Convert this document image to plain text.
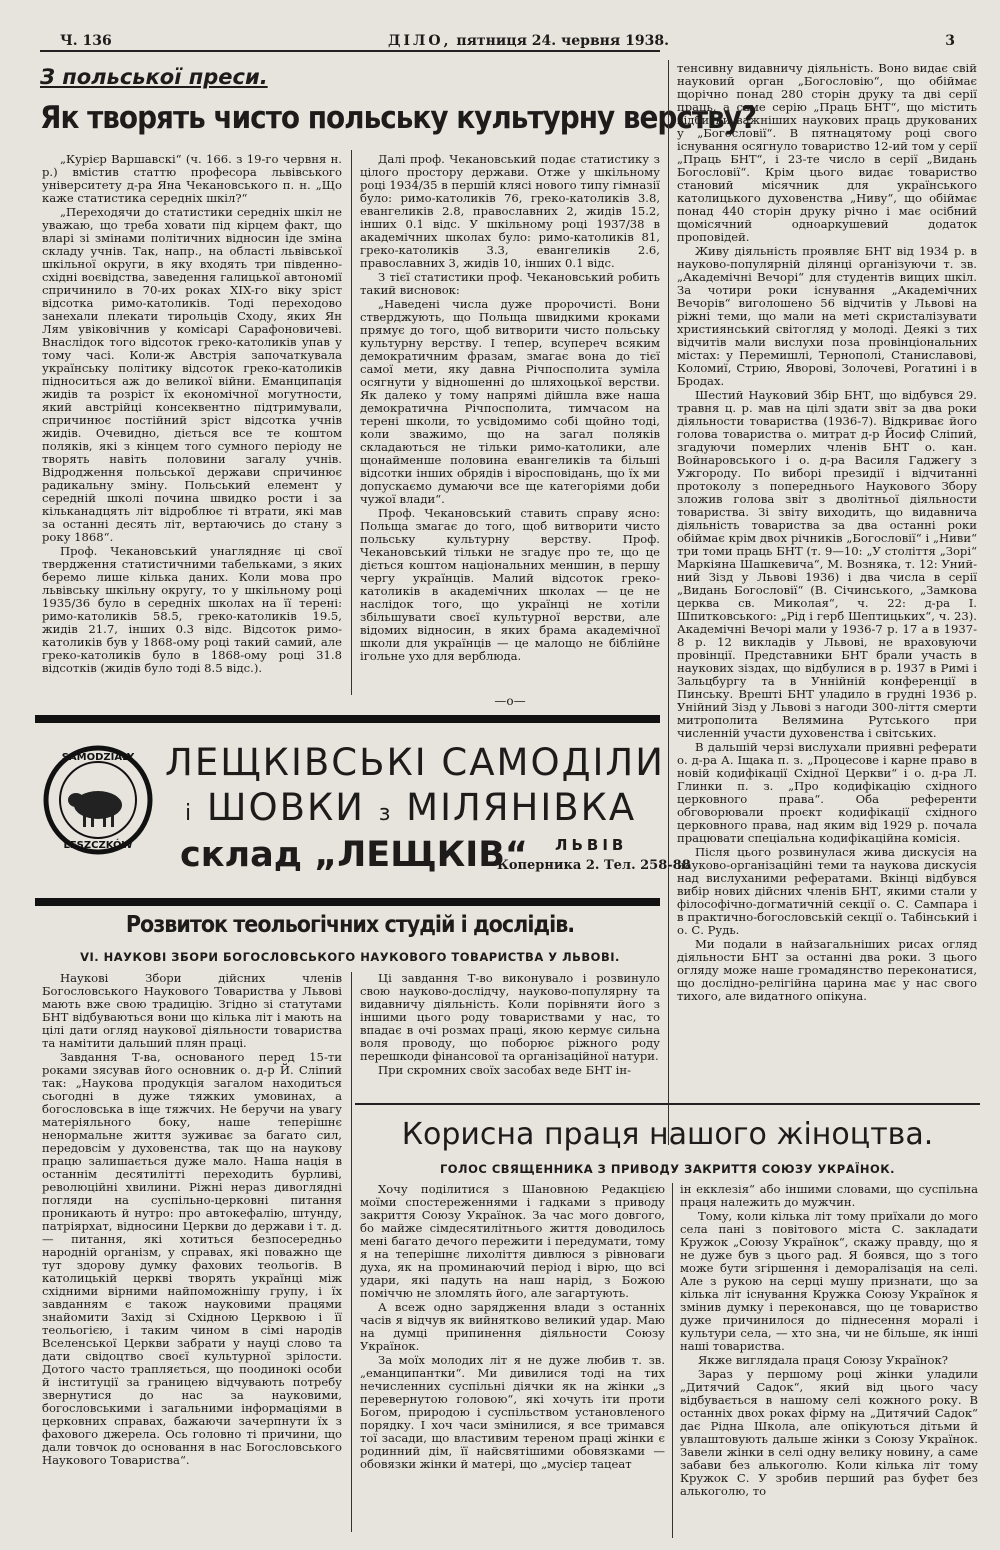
Ч. 136	ДІЛО, пятниця 24. червня 1938.	3
З польської преси.
Як творять чисто польську культурну верству?

„Курієр Варшавскі“ (ч. 166. з 19-го червня н. р.) вмістив статтю професора львівського університету д-ра Яна Чекановського п. н. „Що каже статистика середніх шкіл?“

„Переходячи до статистики середніх шкіл не уважаю, що треба ховати під кірцем факт, що вларі зі змінами політичних відносин іде зміна складу учнів. Так, напр., на області львівської шкільної округи, в яку входять три південно-східні воєвідства, заведення галицької автономії спричинило в 70-их роках XIX-го віку зріст відсотка римо-католиків. Тоді переходово занехали плекати тирольців Сходу, яких Ян Лям увіковічнив у комісарі Сарафоновичеві. Внаслідок того відсоток греко-католиків упав у тому часі. Коли-ж Австрія започаткувала українську політику відсоток греко-католиків підноситься аж до великої війни. Еманципація жидів та розріст їх економічної могутности, який австрійці консеквентно підтримували, спричинює постійний зріст відсотка учнів жидів. Очевидно, діється все те коштом поляків, які з кінцем того сумного періоду не творять навіть половини загалу учнів. Відродження польської держави спричинює радикальну зміну. Польський елемент у середній школі почина швидко рости і за кільканадцять літ відроблює ті втрати, які мав за останні десять літ, вертаючись до стану з року 1868“.

Проф. Чекановський унаглядняє ці свої твердження статистичними табельками, з яких беремо лише кілька даних. Коли мова про львівську шкільну округу, то у шкільному році 1935/36 було в середніх школах на її терені: римо-католиків 58.5, греко-католиків 19.5, жидів 21.7, інших 0.3 відс. Відсоток римо-католиків був у 1868-ому році такий самий, але греко-католиків було в 1868-ому році 31.8 відсотків (жидів було тоді 8.5 відс.).

Далі проф. Чекановський подає статистику з цілого простору держави. Отже у шкільному році 1934/35 в першій клясі нового типу гімназії було: римо-католиків 76, греко-католиків 3.8, евангеликів 2.8, православних 2, жидів 15.2, інших 0.1 відс. У шкільному році 1937/38 в академічних школах було: римо-католиків 81, греко-католиків 3.3, евангеликів 2.6, православних 3, жидів 10, інших 0.1 відс.

З тієї статистики проф. Чекановський робить такий висновок:

„Наведені числа дуже пророчисті. Вони стверджують, що Польща швидкими кроками прямує до того, щоб витворити чисто польську культурну верству. І тепер, всупереч всяким демократичним фразам, змагає вона до тієї самої мети, яку давна Річпосполита зуміла осягнути у відношенні до шляхоцької верстви. Як далеко у тому напрямі дійшла вже наша демократична Річпосполита, тимчасом на терені школи, то усвідомимо собі щойно тоді, коли зважимо, що на загал поляків складаються не тільки римо-католики, але щонайменше половина евангеликів та більші відсотки інших обрядів і віросповідань, що їх ми допускаємо думаючи все ще категоріями доби чужої влади“.

Проф. Чекановський ставить справу ясно: Польща змагає до того, щоб витворити чисто польську культурну верству. Проф. Чекановський тільки не згадує про те, що це діється коштом національних меншин, в першу чергу українців. Малий відсоток греко-католиків в академічних школах — це не наслідок того, що українці не хотіли збільшувати своєї культурної верстви, але відомих відносин, в яких брама академічної школи для українців — це малощо не біблійне ігольне ухо для верблюда.

—о—

тенсивну видавничу діяльність. Воно видає свій науковий орган „Богословію“, що обіймає щорічно понад 280 сторін друку та дві серії праць, а саме серію „Праць БНТ“, що містить відбитки важніших наукових праць друкованих у „Богословії“. В пятнацятому році свого існування осягнуло товариство 12-ий том у серії „Праць БНТ“, і 23-те число в серії „Видань Богословії“. Крім цього видає товариство становий місячник для українського католицького духовенства „Ниву“, що обіймає понад 440 сторін друку річно і має осібний щомісячний одноаркушевий додаток проповідей.

Живу діяльність проявляє БНТ від 1934 р. в науково-популярній ділянці організуючи т. зв. „Академічні Вечорі“ для студентів вищих шкіл. За чотири роки існування „Академічних Вечорів“ виголошено 56 відчитів у Львові на ріжні теми, що мали на меті скристалізувати християнський світогляд у молоді. Деякі з тих відчитів мали вислухи поза провінціональних містах: у Перемишлі, Тернополі, Станиславові, Коломиї, Стрию, Яворові, Золочеві, Рогатині і в Бродах.

Шестий Науковий Збір БНТ, що відбувся 29. травня ц. р. мав на цілі здати звіт за два роки діяльности товариства (1936-7). Відкриває його голова товариства о. митрат д-р Йосиф Сліпий, згадуючи померлих членів БНТ о. кан. Войнаровського і о. д-ра Василя Гаджегу з Ужгороду. По виборі президії і відчитанні протоколу з попереднього Наукового Збору зложив голова звіт з дволітньої діяльности товариства. Зі звіту виходить, що видавнича діяльність товариства за два останні роки обіймає крім двох річників „Богословії“ і „Ниви“ три томи праць БНТ (т. 9—10: „У століття „Зорі“ Маркіяна Шашкевича“, М. Возняка, т. 12: Уний-ний Зізд у Львові 1936) і два числа в серії „Видань Богословії“ (В. Січинського, „Замкова церква св. Миколая“, ч. 22: д-ра І. Шпитковського: „Рід і герб Шептицьких“, ч. 23). Академічні Вечорі мали у 1936-7 р. 17 а в 1937-8 р. 12 викладів у Львові, не враховуючи провінції. Представники БНТ брали участь в наукових зіздах, що відбулися в р. 1937 в Римі і Зальцбургу та в Уннійній конференції в Пинську. Врешті БНТ уладило в грудні 1936 р. Унійний Зізд у Львові з нагоди 300-ліття смерти митрополита Велямина Рутського при численній участи духовенства і світських.

В дальшій черзі вислухали приявні реферати о. д-ра А. Іщака п. з. „Процесове і карне право в новій кодифікації Східної Церкви“ і о. д-ра Л. Глинки п. з. „Про кодифікацію східного церковного права“. Оба референти обговорювали проєкт кодифікації східного церковного права, над яким від 1929 р. почала працювати спеціальна кодифікаційна комісія.

Після цього розвинулася жива дискусія на науково-організаційні теми та наукова дискусія над вислуханими рефератами. Вкінці відбувся вибір нових дійсних членів БНТ, якими стали у філософічно-догматичній секції о. С. Сампара і в практично-богословській секції о. Табінський і о. С. Рудь.

Ми подали в найзагальніших рисах огляд діяльности БНТ за останні два роки. З цього огляду може наше громадянство переконатися, що дослідно-релігійна царина має у нас свого тихого, але видатного опікуна.

SAMODZIAŁY
LESZCZKÓW
ЛЕЩКІВСЬКІ САМОДІЛИ
і ШОВКИ з МІЛЯНІВКА
склад „ЛЕЩКІВ“ ЛЬВІВ
Коперника 2. Тел. 258-88
Розвиток теольогічних студій і дослідів.
VI. НАУКОВІ ЗБОРИ БОГОСЛОВСЬКОГО НАУКОВОГО ТОВАРИСТВА У ЛЬВОВІ.

Наукові Збори дійсних членів Богословського Наукового Товариства у Львові мають вже свою традицію. Згідно зі статутами БНТ відбуваються вони що кілька літ і мають на цілі дати огляд наукової діяльности товариства та намітити дальший плян праці.

Завдання Т-ва, основаного перед 15-ти роками зясував його основник о. д-р Й. Сліпий так: „Наукова продукція загалом находиться сьогодні в дуже тяжких умовинах, а богословська в іще тяжчих. Не беручи на увагу матеріяльного боку, наше теперішнє ненормальне життя зуживає за багато сил, передовсім у духовенства, так що на наукову працю залишається дуже мало. Наша нація в останнім десятилітті переходить бурливі, революційні хвилини. Ріжні нераз дивоглядні погляди на суспільно-церковні питання проникають й нутро: про автокефалію, штунду, патріярхат, відносини Церкви до держави і т. д. — питання, які хотиться безпосередньо народній організм, у справах, які поважно ще тут здорову думку фахових теольогів. В католицькій церкві творять українці між східними вірними найпоможнішу групу, і їх завданням є також науковими працями знайомити Захід зі Східною Церквою і її теольогією, і таким чином в сімі народів Вселенської Церкви забрати у науці слово та дати свідоцтво своєї культурної зрілости. Дотого часто трапляється, що поодинокі особи й інституції за границею відчувають потребу звернутися до нас за науковими, богословськими і загальними інформаціями в церковних справах, бажаючи зачерпнути їх з фахового джерела. Ось головно ті причини, що дали товчок до основання в нас Богословського Наукового Товариства“.

Ці завдання Т-во виконувало і розвинуло свою науково-дослідчу, науково-популярну та видавничу діяльність. Коли порівняти його з іншими цього роду товариствами у нас, то впадає в очі розмах праці, якою кермує сильна воля проводу, що поборює ріжного роду перешкоди фінансової та організаційної натури.

При скромних своїх засобах веде БНТ ін-

Корисна праця нашого жіноцтва.
ГОЛОС СВЯЩЕННИКА З ПРИВОДУ ЗАКРИТТЯ СОЮЗУ УКРАЇНОК.

Хочу поділитися з Шановною Редакцією моїми спостереженнями і гадками з приводу закриття Союзу Українок. За час мого довгого, бо майже сімдесятилітнього життя доводилось мені багато дечого пережити і передумати, тому я на теперішнє лихоліття дивлюся з рівноваги духа, як на проминаючий період і вірю, що всі удари, які падуть на наш нарід, з Божою поміччю не зломлять його, але загартують.

А всеж одно зарядження влади з останніх часів я відчув як вийнятково великий удар. Маю на думці припинення діяльности Союзу Українок.

За моїх молодих літ я не дуже любив т. зв. „еманципантки“. Ми дивилися тоді на тих нечисленних суспільні діячки як на жінки „з перевернутою головою“, які хочуть іти проти Богом, природою і суспільством установленого порядку. І хоч часи змінилися, я все тримався тої засади, що властивим тереном праці жінки є родинний дім, її найсвятішими обовязками — обовязки жінки й матері, що „мусієр тацеат

ін екклезія“ або іншими словами, що суспільна праця належить до мужчин.

Тому, коли кілька літ тому приїхали до мого села пані з повітового міста С. закладати Кружок „Союзу Українок“, скажу правду, що я не дуже був з цього рад. Я боявся, що з того може бути згіршення і деморалізація на селі. Але з рукою на серці мушу признати, що за кілька літ існування Кружка Союзу Українок я змінив думку і переконався, що це товариство дуже причинилося до піднесення моралі і культури села, — хто зна, чи не більше, як інші наші товариства.

Якже виглядала праця Союзу Українок?

Зараз у першому році жінки уладили „Дитячий Садок“, який від цього часу відбувається в нашому селі кожного року. В останніх двох роках фірму на „Дитячий Садок“ дає Рідна Школа, але опікуються дітьми й увлаштовують дальше жінки з Союзу Українок. Завели жінки в селі одну велику новину, а саме забави без алькоголю. Коли кілька літ тому Кружок С. У зробив перший раз буфет без алькоголю, то
